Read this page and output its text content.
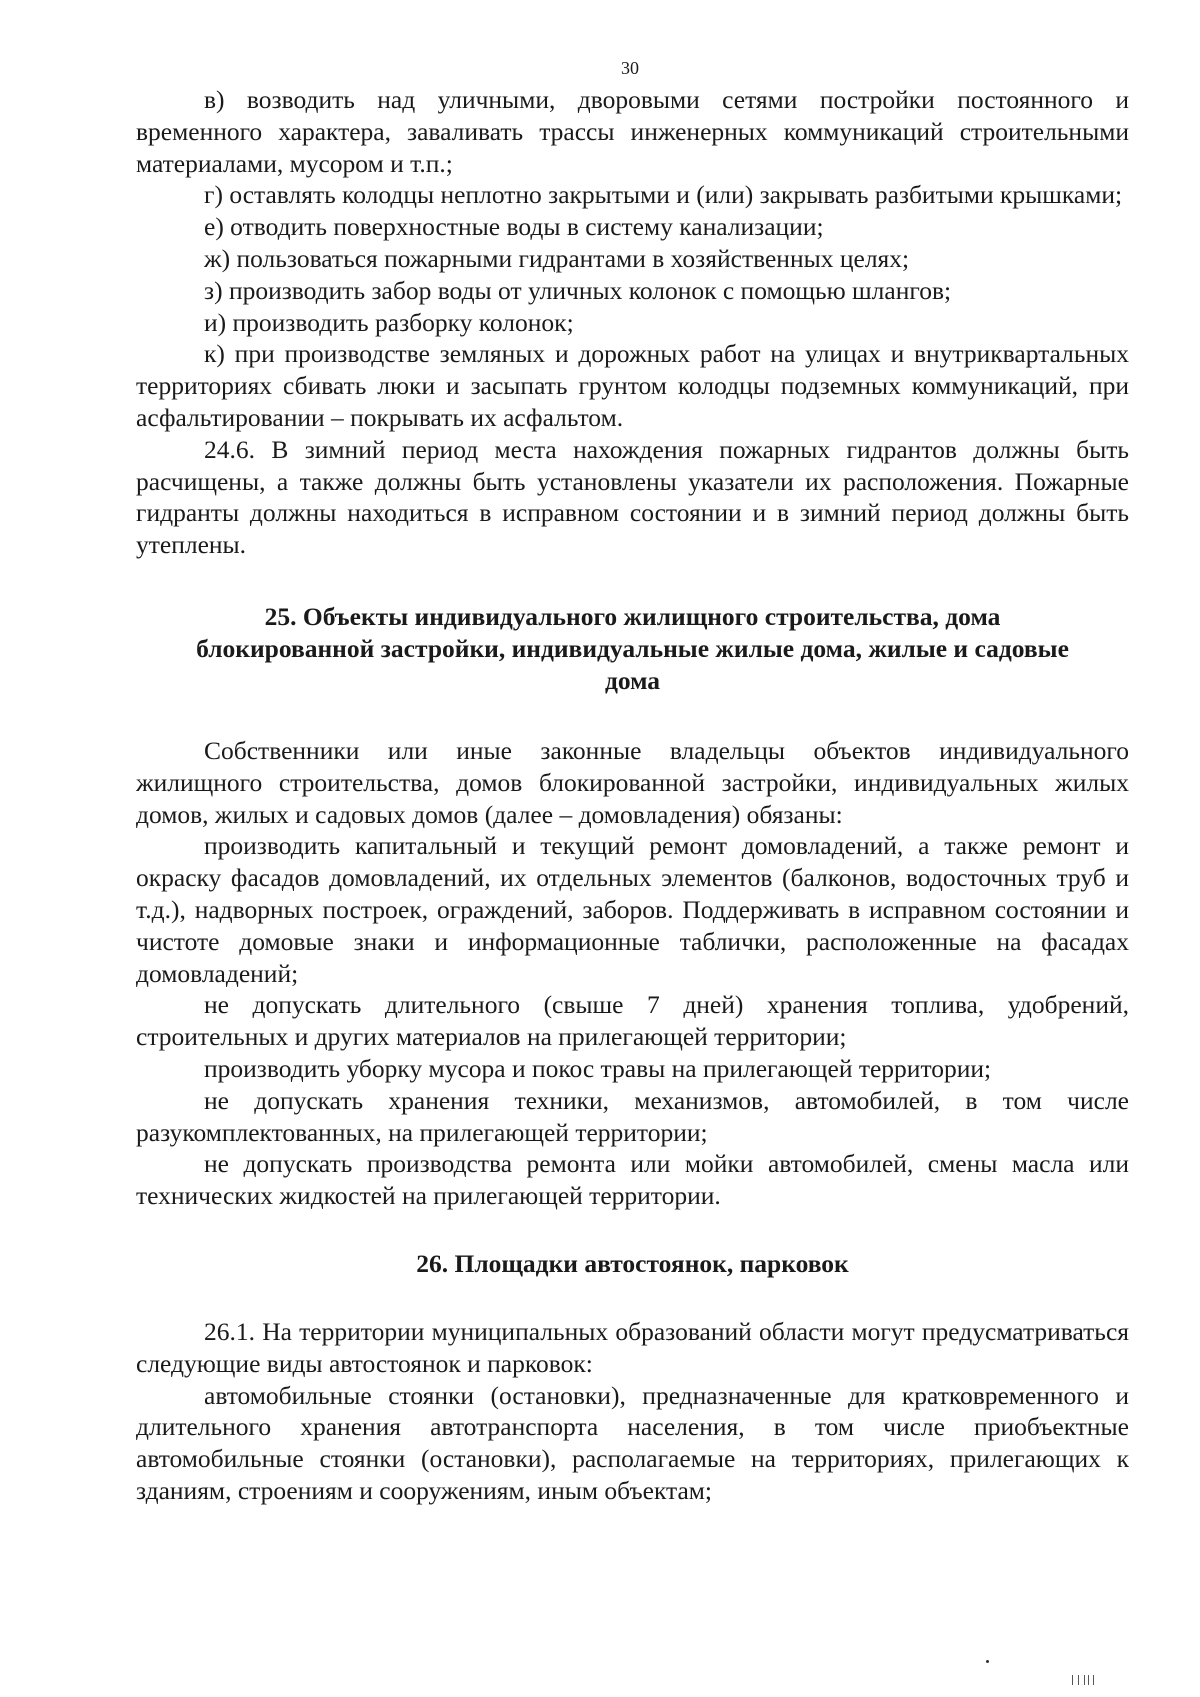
30

в) возводить над уличными, дворовыми сетями постройки постоянного и временного характера, заваливать трассы инженерных коммуникаций строительными материалами, мусором и т.п.;

г) оставлять колодцы неплотно закрытыми и (или) закрывать разбитыми крышками;

е) отводить поверхностные воды в систему канализации;

ж) пользоваться пожарными гидрантами в хозяйственных целях;

з) производить забор воды от уличных колонок с помощью шлангов;

и) производить разборку колонок;

к) при производстве земляных и дорожных работ на улицах и внутриквартальных территориях сбивать люки и засыпать грунтом колодцы подземных коммуникаций, при асфальтировании – покрывать их асфальтом.

24.6. В зимний период места нахождения пожарных гидрантов должны быть расчищены, а также должны быть установлены указатели их расположения. Пожарные гидранты должны находиться в исправном состоянии и в зимний период должны быть утеплены.

25. Объекты индивидуального жилищного строительства, дома блокированной застройки, индивидуальные жилые дома, жилые и садовые дома

Собственники или иные законные владельцы объектов индивидуального жилищного строительства, домов блокированной застройки, индивидуальных жилых домов, жилых и садовых домов (далее – домовладения) обязаны:

производить капитальный и текущий ремонт домовладений, а также ремонт и окраску фасадов домовладений, их отдельных элементов (балконов, водосточных труб и т.д.), надворных построек, ограждений, заборов. Поддерживать в исправном состоянии и чистоте домовые знаки и информационные таблички, расположенные на фасадах домовладений;

не допускать длительного (свыше 7 дней) хранения топлива, удобрений, строительных и других материалов на прилегающей территории;

производить уборку мусора и покос травы на прилегающей территории;

не допускать хранения техники, механизмов, автомобилей, в том числе разукомплектованных, на прилегающей территории;

не допускать производства ремонта или мойки автомобилей, смены масла или технических жидкостей на прилегающей территории.

26. Площадки автостоянок, парковок

26.1. На территории муниципальных образований области могут предусматриваться следующие виды автостоянок и парковок:

автомобильные стоянки (остановки), предназначенные для кратковременного и длительного хранения автотранспорта населения, в том числе приобъектные автомобильные стоянки (остановки), располагаемые на территориях, прилегающих к зданиям, строениям и сооружениям, иным объектам;
